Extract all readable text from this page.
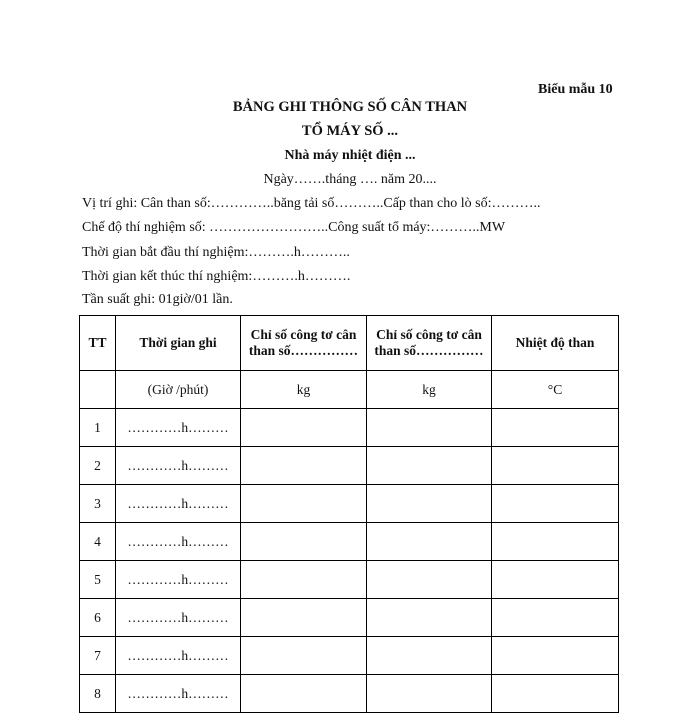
Biểu mẫu 10
BẢNG GHI THÔNG SỐ CÂN THAN
TỔ MÁY SỐ ...
Nhà máy nhiệt điện ...
Ngày…….tháng …. năm 20....
Vị trí ghi: Cân than số:…………..băng tải số………..Cấp than cho lò số:………..
Chế độ thí nghiệm số: ……………………..Công suất tổ máy:………..MW
Thời gian bắt đầu thí nghiệm:……….h………..
Thời gian kết thúc thí nghiệm:……….h……….
Tần suất ghi: 01giờ/01 lần.
TT	Thời gian ghi	Chỉ số công tơ cân than số……………	Chỉ số công tơ cân than số……………	Nhiệt độ than
	(Giờ /phút)	kg	kg	°C
1	…………h………			
2	…………h………			
3	…………h………			
4	…………h………			
5	…………h………			
6	…………h………			
7	…………h………			
8	…………h………			
